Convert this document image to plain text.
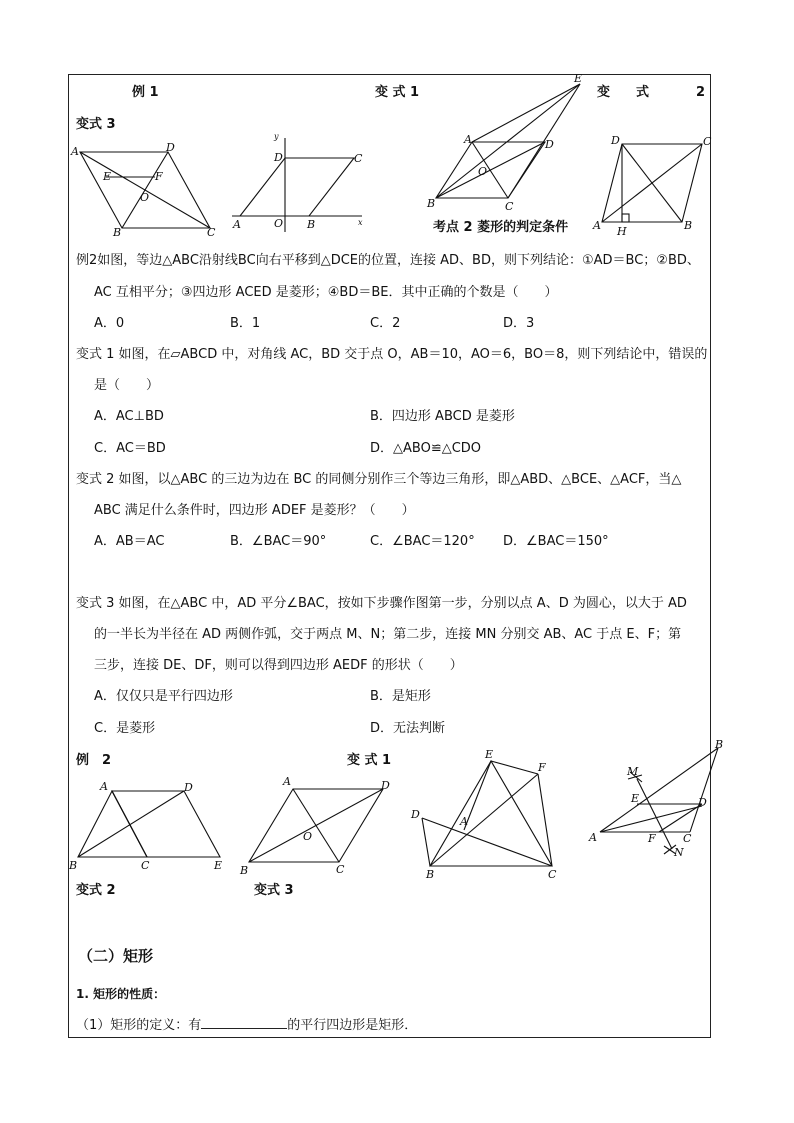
例 1	变 式 1	变　　式	2
变式 3
A	D
E	F
O
B	C
y
D	C
A	O B	x
E
A	D
O
B	C
D	C
A H	B
考点 2 菱形的判定条件
例2如图，等边△ABC沿射线BC向右平移到△DCE的位置，连接 AD、BD，则下列结论：①AD＝BC；②BD、
AC 互相平分；③四边形 ACED 是菱形；④BD＝BE．其中正确的个数是（　　）
A．0	B．1	C．2	D．3
变式 1 如图，在▱ABCD 中，对角线 AC，BD 交于点 O，AB＝10，AO＝6，BO＝8，则下列结论中，错误的
是（　　）
A．AC⊥BD	B．四边形 ABCD 是菱形
C．AC＝BD	D．△ABO≌△CDO
变式 2 如图，以△ABC 的三边为边在 BC 的同侧分别作三个等边三角形，即△ABD、△BCE、△ACF，当△
ABC 满足什么条件时，四边形 ADEF 是菱形？（　　）
A．AB＝AC	B．∠BAC＝90°	C．∠BAC＝120° D．∠BAC＝150°
变式 3 如图，在△ABC 中，AD 平分∠BAC，按如下步骤作图第一步，分别以点 A、D 为圆心，以大于 AD
的一半长为半径在 AD 两侧作弧，交于两点 M、N；第二步，连接 MN 分别交 AB、AC 于点 E、F；第
三步，连接 DE、DF，则可以得到四边形 AEDF 的形状（　　）
A．仅仅只是平行四边形	B．是矩形
C．是菱形	D．无法判断
例　2	变 式 1
变式 2	变式 3
A	D
B	C	E
A	D
O
B	C
E
F
D
A
B	C
B
M
E	D
A	F C
N
（二）矩形
1. 矩形的性质：
（1）矩形的定义：有	的平行四边形是矩形．
